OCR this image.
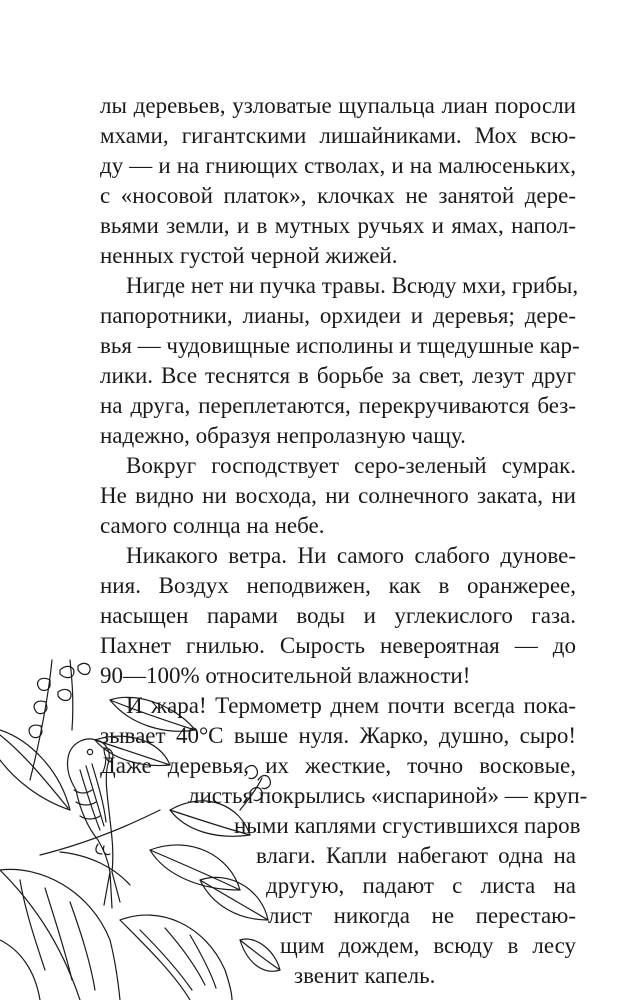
лы деревьев, узловатые щупальца лиан поросли
мхами, гигантскими лишайниками. Мох всю-
ду — и на гниющих стволах, и на малюсеньких,
с «носовой платок», клочках не занятой дере-
вьями земли, и в мутных ручьях и ямах, напол-
ненных густой черной жижей.
Нигде нет ни пучка травы. Всюду мхи, грибы,
папоротники, лианы, орхидеи и деревья; дере-
вья — чудовищные исполины и тщедушные кар-
лики. Все теснятся в борьбе за свет, лезут друг
на друга, переплетаются, перекручиваются без-
надежно, образуя непролазную чащу.
Вокруг господствует серо-зеленый сумрак.
Не видно ни восхода, ни солнечного заката, ни
самого солнца на небе.
Никакого ветра. Ни самого слабого дунове-
ния. Воздух неподвижен, как в оранжерее,
насыщен парами воды и углекислого газа.
Пахнет гнилью. Сырость невероятная — до
90—100% относительной влажности!
И жара! Термометр днем почти всегда пока-
зывает 40°С выше нуля. Жарко, душно, сыро!
Даже деревья, их жесткие, точно восковые,
листья покрылись «испариной» — круп-
ными каплями сгустившихся паров
влаги. Капли набегают одна на
другую, падают с листа на
лист никогда не перестаю-
щим дождем, всюду в лесу
звенит капель.
